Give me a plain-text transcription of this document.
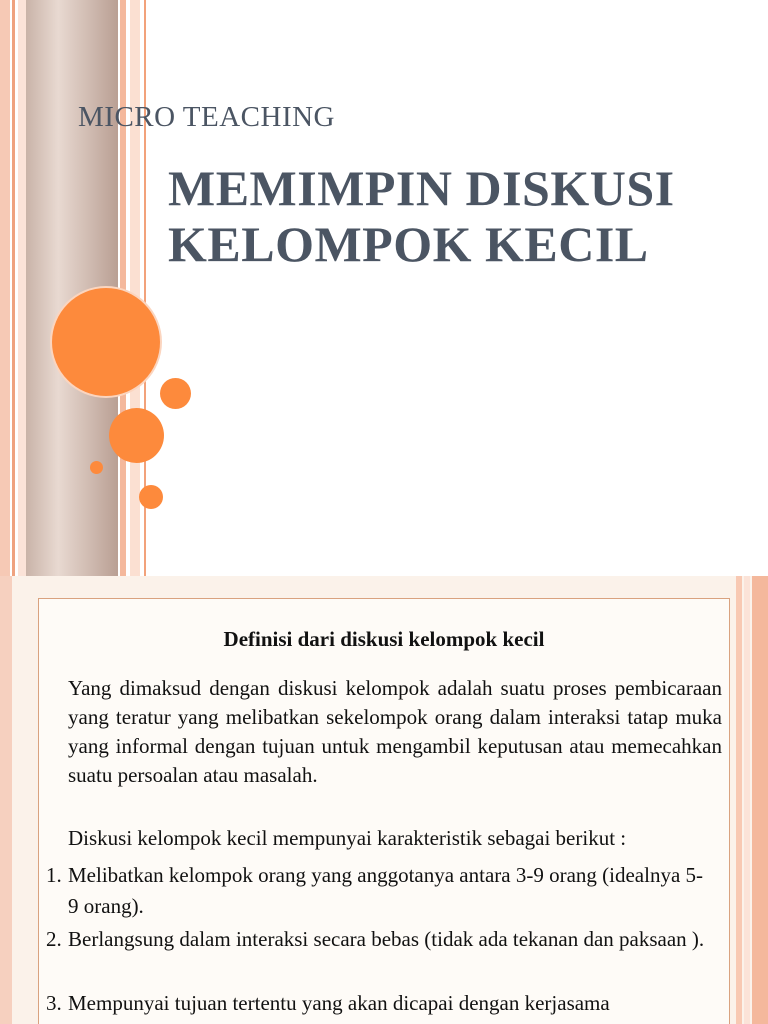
MICRO TEACHING
MEMIMPIN DISKUSI
KELOMPOK KECIL
Definisi dari diskusi kelompok kecil

Yang dimaksud dengan diskusi kelompok adalah suatu proses pembicaraan yang teratur yang melibatkan sekelompok orang dalam interaksi tatap muka yang informal dengan tujuan untuk mengambil keputusan atau memecahkan suatu persoalan atau masalah.

Diskusi kelompok kecil mempunyai karakteristik sebagai berikut :
1. Melibatkan kelompok orang yang anggotanya antara 3-9 orang (idealnya 5-9 orang).
2. Berlangsung dalam interaksi secara bebas (tidak ada tekanan dan paksaan ).
3. Mempunyai tujuan tertentu yang akan dicapai dengan kerjasama
